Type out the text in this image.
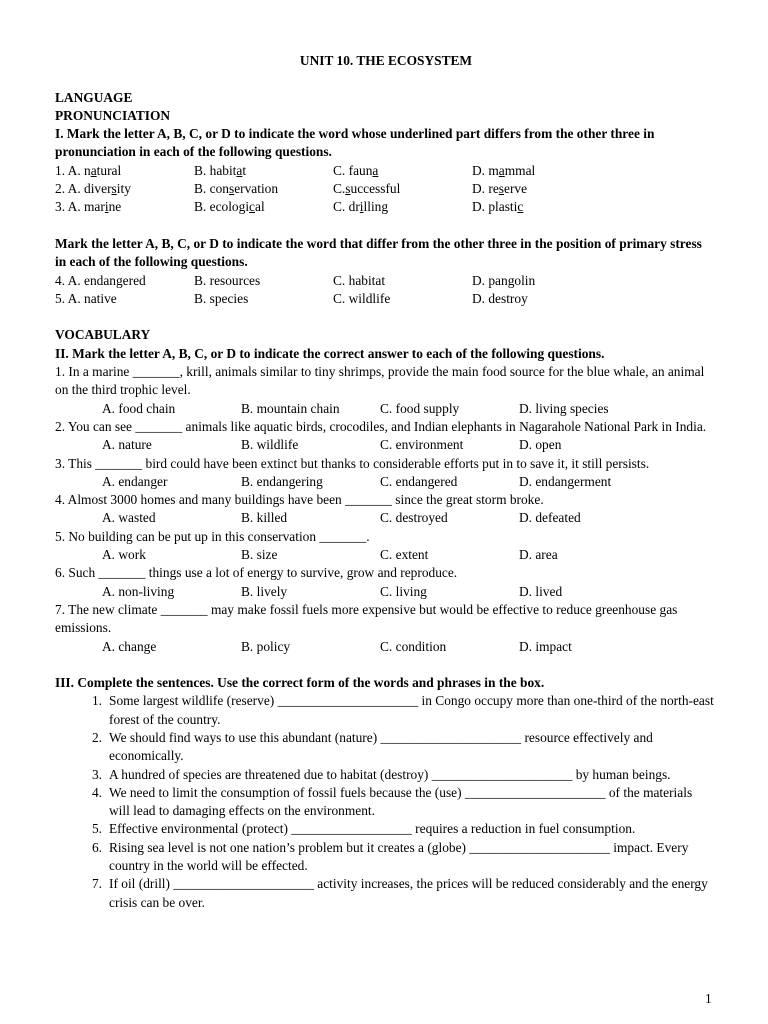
UNIT 10. THE ECOSYSTEM

LANGUAGE

PRONUNCIATION

I. Mark the letter A, B, C, or D to indicate the word whose underlined part differs from the other three in pronunciation in each of the following questions.

1. A. natural	B. habitat	C. fauna	D. mammal
2. A. diversity	B. conservation	C.successful	D. reserve
3. A. marine	B. ecological	C. drilling	D. plastic

Mark the letter A, B, C, or D to indicate the word that differ from the other three in the position of primary stress in each of the following questions.

4. A. endangered	B. resources	C. habitat	D. pangolin
5. A. native	B. species	C. wildlife	D. destroy

VOCABULARY

II. Mark the letter A, B, C, or D to indicate the correct answer to each of the following questions.

1. In a marine _______, krill, animals similar to tiny shrimps, provide the main food source for the blue whale, an animal on the third trophic level.

A. food chain	B. mountain chain	C. food supply	D. living species

2. You can see _______ animals like aquatic birds, crocodiles, and Indian elephants in Nagarahole National Park in India.

A. nature	B. wildlife	C. environment	D. open

3. This _______ bird could have been extinct but thanks to considerable efforts put in to save it, it still persists.

A. endanger	B. endangering	C. endangered	D. endangerment

4. Almost 3000 homes and many buildings have been _______ since the great storm broke.

A. wasted	B. killed	C. destroyed	D. defeated

5. No building can be put up in this conservation _______.

A. work	B. size	C. extent	D. area

6. Such _______ things use a lot of energy to survive, grow and reproduce.

A. non-living	B. lively	C. living	D. lived

7. The new climate _______ may make fossil fuels more expensive but would be effective to reduce greenhouse gas emissions.

A. change	B. policy	C. condition	D. impact

III. Complete the sentences. Use the correct form of the words and phrases in the box.

1. Some largest wildlife (reserve) _____________________ in Congo occupy more than one-third of the north-east forest of the country.
2. We should find ways to use this abundant (nature) _____________________ resource effectively and economically.
3. A hundred of species are threatened due to habitat (destroy) _____________________ by human beings.
4. We need to limit the consumption of fossil fuels because the (use) _____________________ of the materials will lead to damaging effects on the environment.
5. Effective environmental (protect) __________________ requires a reduction in fuel consumption.
6. Rising sea level is not one nation’s problem but it creates a (globe) _____________________ impact. Every country in the world will be effected.
7. If oil (drill) _____________________ activity increases, the prices will be reduced considerably and the energy crisis can be over.
1
